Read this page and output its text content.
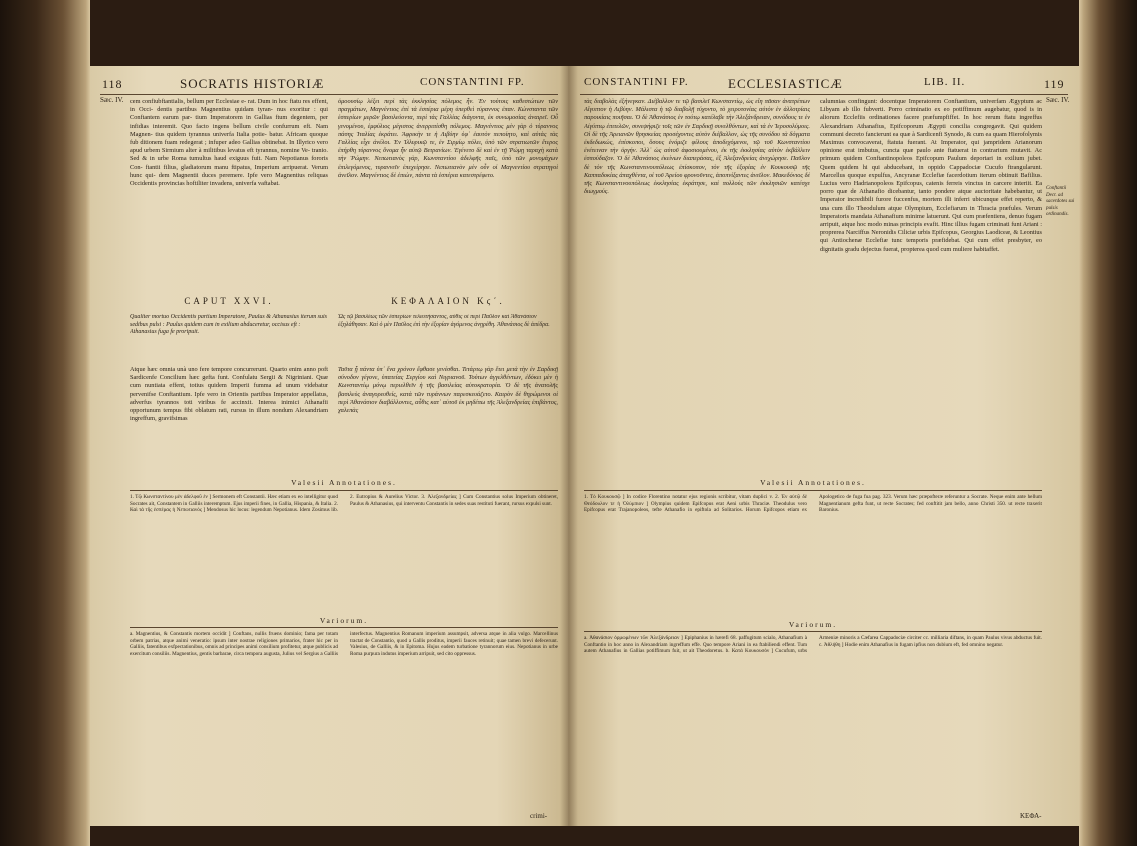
118	SOCRATIS HISTORIÆ	CONSTANTINI FP.
Sæc. IV.	cem confiubftantialis, bellum per Ecclesiae e- rat. Dum in hoc ftatu res effent, in Occi- dentis partibus Magnentius quidam tyran- nus exoritur : qui Conftantem earum par- tium Imperatorem in Gallias ftum degentem, per infidias interemit. Quo facto ingens bellum civile confurrum eft. Nam Magnen- tius quidem tyrannus univerfa Italia potie- batur. Africam quoque fub ditionem fuam redegerat ; infuper adeo Gallias obtinebat. In Illyrico vero apud urbem Sirmium alter à militibus levatus eft tyrannus, nomine Ve- tranio. Sed & in urbe Roma tumultus haud exiguus fuit. Nam Nepotianus fororis Con- ftantii filius, gladiatorum manu ftipatus, Imperium arripuerat. Verum hunc qui- dem Magnentii duces peremere. Ipfe vero Magnentius reliquas Occidentis provincias hoftiliter invadens, univerfa vaftabat.
ὁμοουσίῳ λέξει περὶ τὰς ἐκκλησίας πόλεμος ἦν. Ἐν τούτοις καθεστώτων τῶν πραγμάτων, Μαγνέντιος ἐπὶ τὰ ἑσπέρια μέρη ὑπερθεὶ τύραννος ἐπαν. Κώνσταντα τῶν ἑσπερίων μερῶν βασιλεύοντα, περὶ τὰς Γαλλίας διάγοντα, ἐκ συνωμοσίας ἀναιρεῖ. Οὗ γενομένου, ἐμφύλιος μέγιστος ἀνερριπίσθη πόλεμος. Μαγνέντιος μὲν γὰρ ὁ τύραννος πάσης Ἰταλίας ἐκράτει. Ἀφρικὴν τε ἡ Λιβύην ὑφ᾽ ἑαυτὸν πεποίητο, καὶ αὐτὰς τὰς Γαλλίας εἶχε ἀνέλοι. Ἐν Ἰλλυρικῷ τε, ἐν Σιρμίῳ πόλει, ὑπὸ τῶν στρατιωτῶν ἕτερος ἐπήρθη τύραννος ὄνομα ἦν αὐτῷ Βετρανίων. Ἐγένετο δὲ καὶ ἐν τῇ Ῥώμῃ ταραχὴ κατὰ τὴν Ῥώμην. Νεπωτιανὸς γὰρ, Κωνσταντίου ἀδελφῆς παῖς, ὑπὸ τῶν μονομάχων ἐπιλεγόμενος, τυραννεῖν ἐπεχείρησε. Νεπωτιανὸν μὲν οὖν οἱ Μαγνεντίου στρατηγοὶ ἀνεῖλον. Μαγνέντιος δὲ ἐπιὼν, πάντα τὰ ἑσπέρια κατεστρέφετο.
CAPUT XXVI.	ΚΕΦΑΛΑΙΟΝ Κϛ΄.
Qualiter mortuo Occidentis partium Imperatore, Paulus & Athanasius iterum suis sedibus pulsi : Paulus quidem cum in exilium abduceretur, occisus eft : Athanasius fuga fe proripuit.
Ὡς τῷ βασιλέως τῶν ἑσπερίων τελευτήσαντος, αὖθις οἱ περὶ Παῦλον καὶ Ἀθανάσιον ἐξηλάθησαν. Καὶ ὁ μὲν Παῦλος ἐπὶ τὴν ἐξορίαν ἀγόμενος ἀνῃρέθη. Ἀθανάσιος δὲ ἀπέδρα.
Atque hæc omnia unà uno fere tempore concurrerunt. Quarto enim anno poft Sardicenfe Concilium hæc gefta funt. Confulatu Sergii & Nigriniani. Quæ cum nuntiata effent, totius quidem Imperii fumma ad unum videbatur pervenifse Conftantium. Ipfe vero in Orientis partibus Imperator appellatus, adverfus tyrannos toti viribus fe accinxit. Interea inimici Athanafii opportunum tempus fibi oblatum rati, rursus in illum nondum Alexandriam ingreffum, gravifsimas
Ταῦτα ᾗ πάντα ὑπ᾽ ἕνα χρόνον ἔφθασε γενέσθαι. Τετάρτῳ γὰρ ἔτει μετὰ τὴν ἐν Σαρδικῇ σύνοδον γέγονε, ὑπατείας Σεργίου καὶ Νιγριανοῦ. Τούτων ἀγγελθέντων, ἐδόκει μὲν ἡ Κωνσταντίῳ μόνῳ περιελθεῖν ἡ τῆς βασιλείας αὐτοκρατορία. Ὁ δὲ τῆς ἀνατολῆς βασιλεὺς ἀναγορευθείς, κατὰ τῶν τυράννων παρεσκευάζετο. Καιρὸν δὲ θηρώμενοι οἱ περὶ Ἀθανάσιον διαβάλλοντες, αὖθις κατ᾽ αὐτοῦ ἐκ μηδέπω τῆς Ἀλεξανδρείας ἐπιβάντος, χαλεπὰς
Valesii Annotationes.
1. Τῷ Κωνσταντίνου μὲν ἀδελφοῦ ἐν ] Sermonem eft Constantii. Hæc etiam ex eo intelligitur quod Socrates ait, Constantem in Galliis interemptum. Ejus imperii fines, in Gallia, Hispania, & Italia. 2. Καὶ τὰ τῆς ἑσπέρας ἡ Νεπωτιανὸς ] Mendosus hic locus: legendum Nepotianus. Idem Zosimus lib. 2. Eutropius & Aurelius Victor. 3. Ἀλεξανδρείας ] Cum Constantius solus Imperium obtineret, Paulus & Athanasius, qui interventu Constantis in sedes suas restituti fuerant, rursus expulsi sunt.
Variorum.
a. Magnentius, & Constantis mortem occidit ] Conftans, nullis fruens dominio; fama per totam orbem patrias, atque animi veneratio: ipsum inter nostrae religiones primarios, frater hic per in Galliis, fatentibus exfpectationibus, omnis ad principes animi consilium profitetur, atque publicis ad exercitum consiliis. Magnentius, gentis barbarae, circa tempora augusta, Julius vel Sergius a Galliis interfectus. Magnentius Romanum imperium assumpsit, adversa atque in alia vulgo. Marcellinus tractat de Constantio, quod a Gallis proditus, imperii fauces retinuit; quae tamen brevi defecerunt. Valesius, de Galliis, & in Epitoma. Hujus eadem turbatione tyrannorum eius. Nepotianus in urbe Roma purpura indutus imperium arripuit, sed cito oppressus.
crimi-
CONSTANTINI FP.	ECCLESIASTICÆ	LIB. II.	119
Sæc. IV.
Conftantii Decr. ad sacerdotes sui pulsis ordinandis.
τὰς διαβολὰς ἐξήνεγκαν. Διέβαλλον τε τῷ βασιλεῖ Κωνσταντίῳ, ὡς εἴη πᾶσαν ἀνατρέπων Αἴγυπτον ἡ Λιβύην. Μάλιστα ἡ τῷ διαβολῇ τύχοντο, τὸ χειροτονίας αὐτὸν ἐν ἀλλοτρίαις παροικίαις ποιῆσαι. Ὁ δὲ Ἀθανάσιος ἐν τούτῳ κατέλαβε τὴν Ἀλεξάνδρειαν, συνόδους τε ἐν Αἰγύπτῳ ἐπιτελῶν, συνεψήφιζε τοῖς τῶν ἐν Σαρδικῇ συνελθόντων, καὶ τὰ ἐν Ἱεροσολύμοις. Οἱ δὲ τῆς Ἀρειανῶν θρησκείας προσέχοντες αὐτὸν διέβαλλον, ὡς τῆς συνόδου τὰ δόγματα ἐκδεδωκώς, ἐπίσκοποι, ὅσους ἐνόμιζε φίλους ἀποδεχόμενοι, τῷ τοῦ Κωνσταντίου ἐνέτειναν τὴν ὀργήν. Ἀλλ᾽ ὡς αὐτοῦ ἀφοσιουμένου, ἐκ τῆς ἐκκλησίας αὐτὸν ἐκβάλλειν ἐσπούδαζον. Ὁ δὲ Ἀθανάσιος ἐκείνων διαπεράσας, ἐξ Ἀλεξανδρείας ἀνεχώρησε. Παῦλον δὲ τὸν τῆς Κωνσταντινουπόλεως ἐπίσκοπον, τὸν τῆς ἐξορίας ἐν Κουκουσῷ τῆς Καππαδοκίας ἀπαχθέντα, οἱ τοῦ Ἀρείου φρονοῦντες, ἀποπνίξαντες ἀνεῖλον. Μακεδόνιος δὲ τῆς Κωνσταντινουπόλεως ἐκκλησίας ἐκράτησε, καὶ πολλοὺς τῶν ἐκκλησιῶν κατέσχε διωγμούς.
calumnias confingunt: docentque Imperatorem Conftantium, univerfam Ægyptum ac Libyam ab illo fubverti. Porro criminatio ex eo potiffimum augebatur, quod is in aliorum Ecclefiis ordinationes facere præfumpfiffet. In hoc rerum ftatu ingreffus Alexandriam Athanafius, Epifcoporum Ægypti concilia congregavit. Qui quidem communi decreto fancierunt ea quæ à Sardicenfi Synodo, & cum ea quam Hierofolymis Maximus convocaverat, ftatuta fuerant. At Imperator, qui jampridem Arianorum opinione erat imbutus, cuncta quæ paulo ante ftatuerat in contrarium mutavit. Ac primum quidem Conftantinopoleos Epifcopum Paulum deportari in exilium jubet. Quem quidem hi qui abducebant, in oppido Cappadociæ Cucufo ftrangularunt. Marcellus quoque expulfus, Ancyranæ Ecclefiæ facerdotium iterum obtinuit Bafilius. Lucius vero Hadrianopoleos Epifcopus, catenis ferreis vinctus in carcere interiit. Ea porro quæ de Athanafio dicebantur, tanto pondere atque auctoritate habebantur, ut Imperator incredibili furore fuccenfus, mortem illi inferri ubicunque effet reperto, & una cum illo Theodulum atque Olympium, Ecclefiarum in Thracia præfules. Verum Imperatoris mandata Athanafium minime latuerunt. Qui cum præfentiens, denuo fugam arripuit, atque hoc modo minas principis evafit. Hinc illius fugam criminati funt Ariani : proprerea Narciffus Neronidis Ciliciæ urbis Epifcopus, Georgius Laodiceæ, & Leontius qui Antiochenæ Ecclefiæ tunc temporis præfidebat. Qui cum effet presbyter, eo dignitatis gradu dejectus fuerat, propterea quod cum muliere habitaffet.
Valesii Annotationes.
1. Τὸ Κουκουσῷ ] In codice Florentino notatur ejus regionis scribitur, vitam duplici v. 2. Ἐν αὐτῷ δὲ Θεόδουλον τε ἡ Ὀλύμπιον ] Olympius quidem Epifcopus erat Aeni urbis Thraciæ. Theodulus vero Epifcopus erat Trajanopoleos, tefte Athanafio in epiftola ad Solitarios. Horum Epifcopos etiam ex Apologetico de fuga fua pag. 323. Verum hæc præpofteræ referuntur a Socrate. Neque enim ante hellum Magnentianum gefta funt, ut recte Socrates; fed conftitit jam bello, anno Christi 350. ut recte traxerit Baronius.
Variorum.
a. Ἀθανάσιον ὁρμωμένων τῶν Ἀλεξάνδρειαν ] Epiphanius in hærefi 68. paffugitum scialo, Athanafium à Conftantio in hoc anno in Alexandriam ingreffum effe. Quo tempore Ariani in ea ftabiliendi effent. Tum autem Athanafius in Gallias potiffimum fuit, ut ait Theodoretus. b. Κατὰ Κουκουσὸν ] Cucufum, urbs Armeniæ minoris a Cæfarea Cappadociæ circiter cc. milliaria diftans, in quam Paulus vivus abductus fuit. c. Ἀθλήθη ] Hodie enim Athanafius in fugam ipfius non dubium eft, fed omnino negatur.
ΚΕΦΑ-
